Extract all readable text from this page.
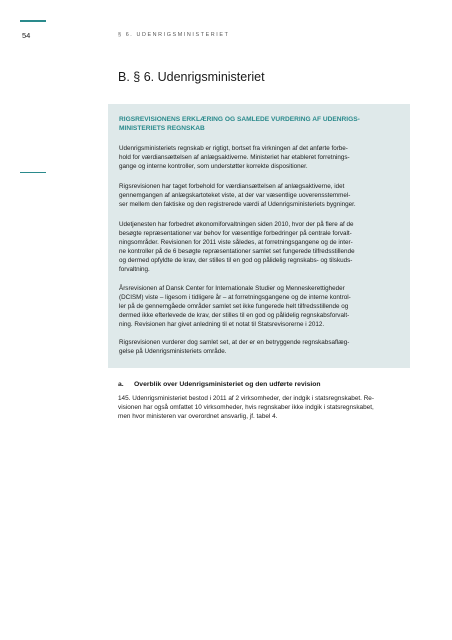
54	§ 6. UDENRIGSMINISTERIET
B. § 6. Udenrigsministeriet
RIGSREVISIONENS ERKLÆRING OG SAMLEDE VURDERING AF UDENRIGS-
MINISTERIETS REGNSKAB
Udenrigsministeriets regnskab er rigtigt, bortset fra virkningen af det anførte forbe-
hold for værdiansættelsen af anlægsaktiverne. Ministeriet har etableret forretnings-
gange og interne kontroller, som understøtter korrekte dispositioner.
Rigsrevisionen har taget forbehold for værdiansættelsen af anlægsaktiverne, idet
gennemgangen af anlægskartoteket viste, at der var væsentlige uoverensstemmel-
ser mellem den faktiske og den registrerede værdi af Udenrigsministeriets bygninger.
Udetjenesten har forbedret økonomiforvaltningen siden 2010, hvor der på flere af de
besøgte repræsentationer var behov for væsentlige forbedringer på centrale forvalt-
ningsområder. Revisionen for 2011 viste således, at forretningsgangene og de inter-
ne kontroller på de 6 besøgte repræsentationer samlet set fungerede tilfredsstillende
og dermed opfyldte de krav, der stilles til en god og pålidelig regnskabs- og tilskuds-
forvaltning.
Årsrevisionen af Dansk Center for Internationale Studier og Menneskerettigheder
(DCISM) viste – ligesom i tidligere år – at forretningsgangene og de interne kontrol-
ler på de gennemgåede områder samlet set ikke fungerede helt tilfredsstillende og
dermed ikke efterlevede de krav, der stilles til en god og pålidelig regnskabsforvalt-
ning. Revisionen har givet anledning til et notat til Statsrevisorerne i 2012.
Rigsrevisionen vurderer dog samlet set, at der er en betryggende regnskabsaflæg-
gelse på Udenrigsministeriets område.
a. Overblik over Udenrigsministeriet og den udførte revision
145. Udenrigsministeriet bestod i 2011 af 2 virksomheder, der indgik i statsregnskabet. Re-
visionen har også omfattet 10 virksomheder, hvis regnskaber ikke indgik i statsregnskabet,
men hvor ministeren var overordnet ansvarlig, jf. tabel 4.
